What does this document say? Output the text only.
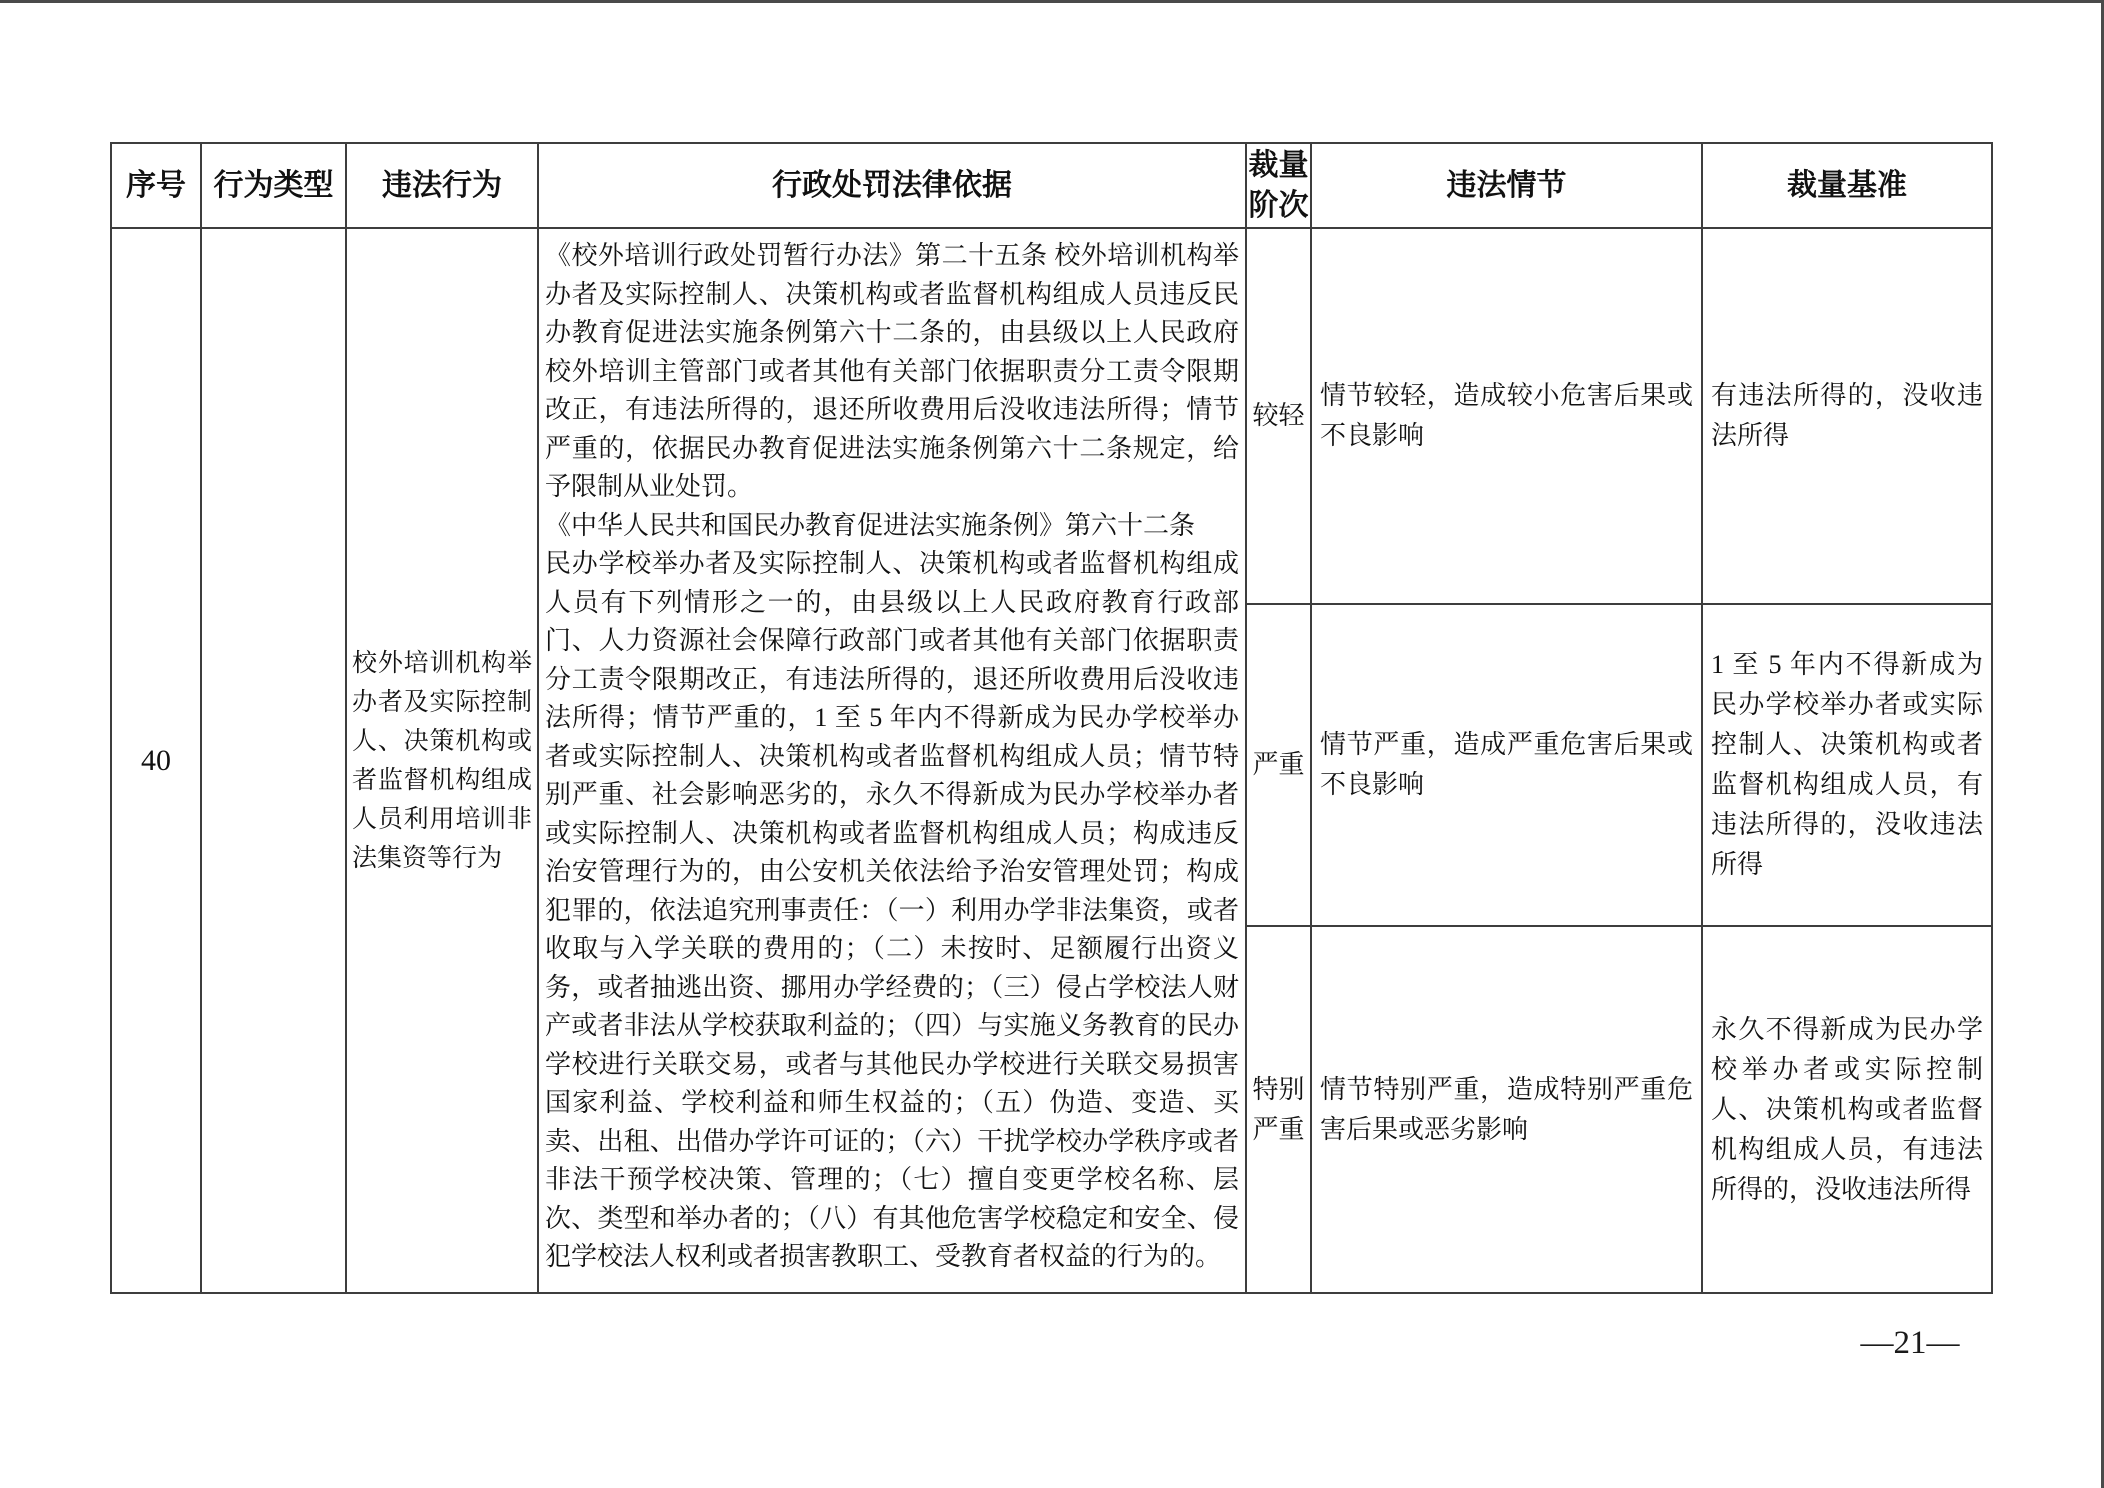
序号	行为类型	违法行为	行政处罚法律依据	裁量阶次	违法情节	裁量基准
40		校外培训机构举办者及实际控制人、决策机构或者监督机构组成人员利用培训非法集资等行为	《校外培训行政处罚暂行办法》第二十五条 校外培训机构举办者及实际控制人、决策机构或者监督机构组成人员违反民办教育促进法实施条例第六十二条的，由县级以上人民政府校外培训主管部门或者其他有关部门依据职责分工责令限期改正，有违法所得的，退还所收费用后没收违法所得；情节严重的，依据民办教育促进法实施条例第六十二条规定，给予限制从业处罚。
《中华人民共和国民办教育促进法实施条例》第六十二条
民办学校举办者及实际控制人、决策机构或者监督机构组成人员有下列情形之一的，由县级以上人民政府教育行政部门、人力资源社会保障行政部门或者其他有关部门依据职责分工责令限期改正，有违法所得的，退还所收费用后没收违法所得；情节严重的，1 至 5 年内不得新成为民办学校举办者或实际控制人、决策机构或者监督机构组成人员；情节特别严重、社会影响恶劣的，永久不得新成为民办学校举办者或实际控制人、决策机构或者监督机构组成人员；构成违反治安管理行为的，由公安机关依法给予治安管理处罚；构成犯罪的，依法追究刑事责任：（一）利用办学非法集资，或者收取与入学关联的费用的；（二）未按时、足额履行出资义务，或者抽逃出资、挪用办学经费的；（三）侵占学校法人财产或者非法从学校获取利益的；（四）与实施义务教育的民办学校进行关联交易，或者与其他民办学校进行关联交易损害国家利益、学校利益和师生权益的；（五）伪造、变造、买卖、出租、出借办学许可证的；（六）干扰学校办学秩序或者非法干预学校决策、管理的；（七）擅自变更学校名称、层次、类型和举办者的；（八）有其他危害学校稳定和安全、侵犯学校法人权利或者损害教职工、受教育者权益的行为的。	较轻	情节较轻，造成较小危害后果或不良影响	有违法所得的，没收违法所得
				严重	情节严重，造成严重危害后果或不良影响	1 至 5 年内不得新成为民办学校举办者或实际控制人、决策机构或者监督机构组成人员，有违法所得的，没收违法所得
				特别严重	情节特别严重，造成特别严重危害后果或恶劣影响	永久不得新成为民办学校举办者或实际控制人、决策机构或者监督机构组成人员，有违法所得的，没收违法所得
—21—
